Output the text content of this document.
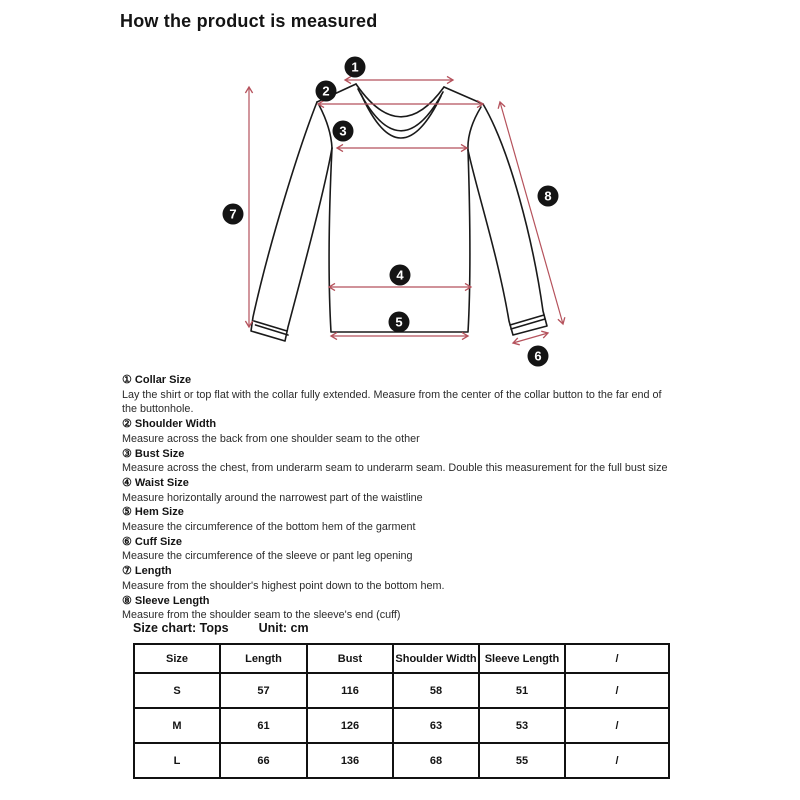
How the product is measured
1
2
3
4
5
6
7
8
① Collar Size
Lay the shirt or top flat with the collar fully extended. Measure from the center of the collar button to the far end of the buttonhole.
② Shoulder Width
Measure across the back from one shoulder seam to the other
③ Bust Size
Measure across the chest, from underarm seam to underarm seam. Double this measurement for the full bust size
④ Waist Size
Measure horizontally around the narrowest part of the waistline
⑤ Hem Size
Measure the circumference of the bottom hem of the garment
⑥ Cuff Size
Measure the circumference of the sleeve or pant leg opening
⑦ Length
Measure from the shoulder's highest point down to the bottom hem.
⑧ Sleeve Length
Measure from the shoulder seam to the sleeve's end (cuff)
Size chart: Tops Unit: cm
Size	Length	Bust	Shoulder Width	Sleeve Length	/
S	57	116	58	51	/
M	61	126	63	53	/
L	66	136	68	55	/
